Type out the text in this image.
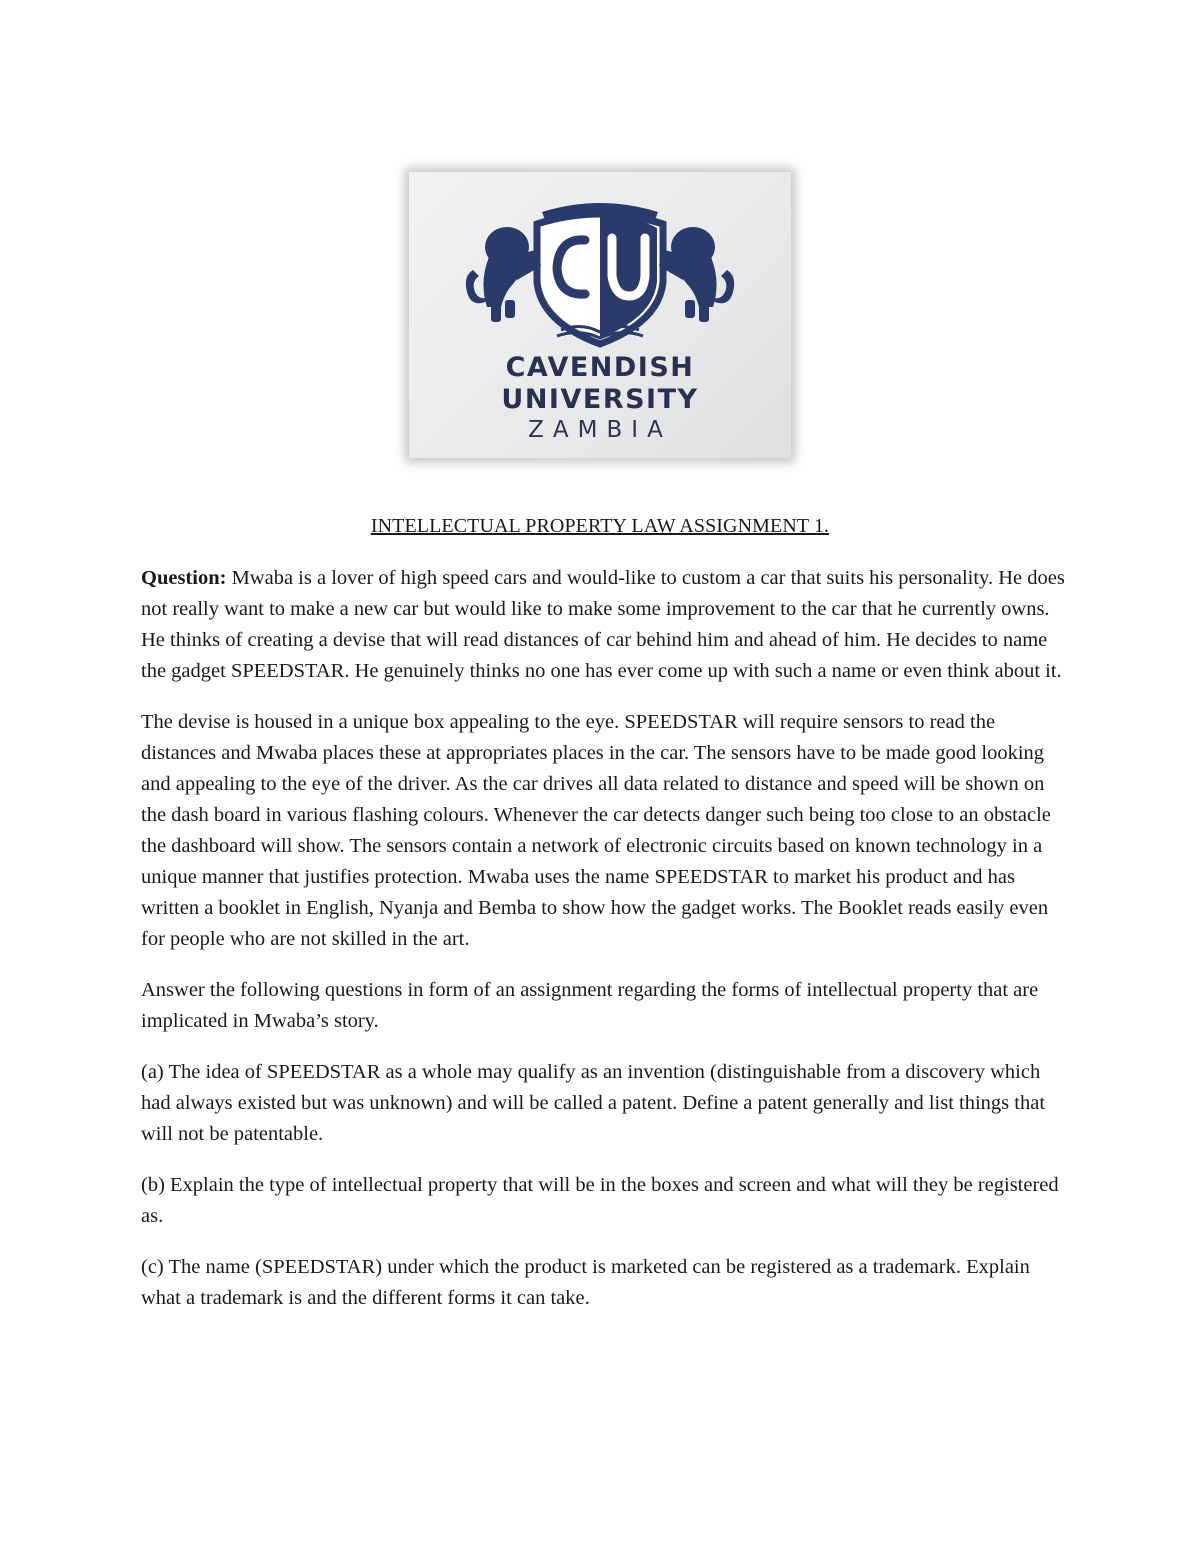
CAVENDISH
UNIVERSITY
ZAMBIA
INTELLECTUAL PROPERTY LAW ASSIGNMENT 1.

Question: Mwaba is a lover of high speed cars and would-like to custom a car that suits his personality. He does not really want to make a new car but would like to make some improvement to the car that he currently owns. He thinks of creating a devise that will read distances of car behind him and ahead of him. He decides to name the gadget SPEEDSTAR. He genuinely thinks no one has ever come up with such a name or even think about it.

The devise is housed in a unique box appealing to the eye. SPEEDSTAR will require sensors to read the distances and Mwaba places these at appropriates places in the car. The sensors have to be made good looking and appealing to the eye of the driver. As the car drives all data related to distance and speed will be shown on the dash board in various flashing colours. Whenever the car detects danger such being too close to an obstacle the dashboard will show. The sensors contain a network of electronic circuits based on known technology in a unique manner that justifies protection. Mwaba uses the name SPEEDSTAR to market his product and has written a booklet in English, Nyanja and Bemba to show how the gadget works. The Booklet reads easily even for people who are not skilled in the art.

Answer the following questions in form of an assignment regarding the forms of intellectual property that are implicated in Mwaba’s story.

(a) The idea of SPEEDSTAR as a whole may qualify as an invention (distinguishable from a discovery which had always existed but was unknown) and will be called a patent. Define a patent generally and list things that will not be patentable.

(b) Explain the type of intellectual property that will be in the boxes and screen and what will they be registered as.

(c) The name (SPEEDSTAR) under which the product is marketed can be registered as a trademark. Explain what a trademark is and the different forms it can take.
